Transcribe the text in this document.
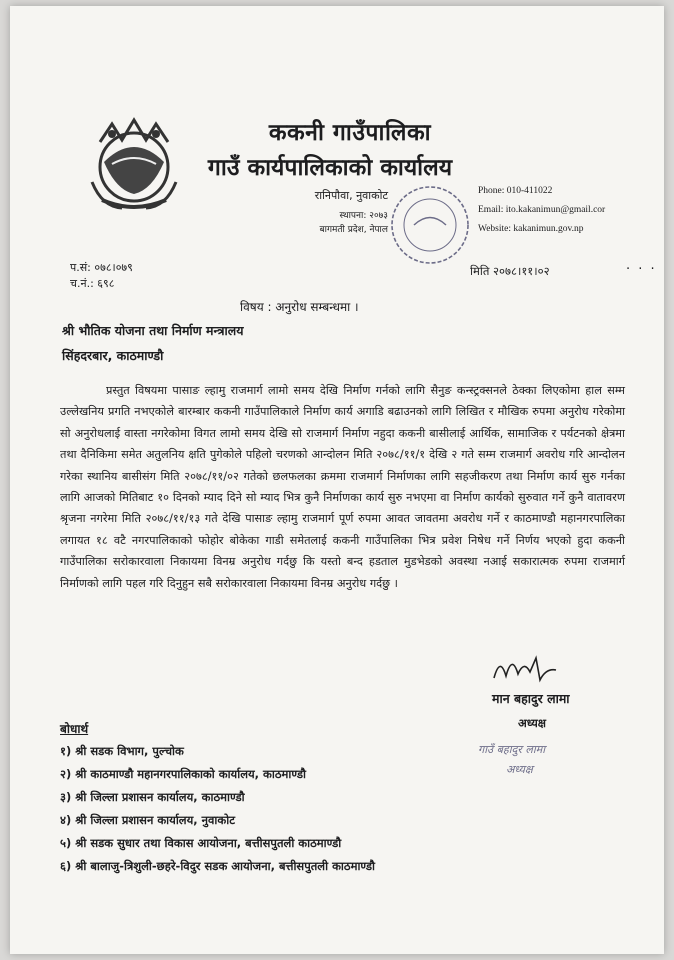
ककनी गाउँपालिका
गाउँ कार्यपालिकाको कार्यालय
रानिपौवा, नुवाकोट
स्थापना: २०७३
बागमती प्रदेश, नेपाल
Phone: 010-411022
Email: ito.kakanimun@gmail.cor
Website: kakanimun.gov.np
· · ·
प.सं: ०७८।०७९
च.नं.: ६९८
मिति २०७८।११।०२
विषय : अनुरोध सम्बन्धमा ।
श्री भौतिक योजना तथा निर्माण मन्त्रालय
सिंहदरबार, काठमाण्डौ
प्रस्तुत विषयमा पासाङ ल्हामु राजमार्ग लामो समय देखि निर्माण गर्नको लागि सैनुङ कन्स्ट्रक्सनले ठेक्का लिएकोमा हाल सम्म उल्लेखनिय प्रगति नभएकोले बारम्बार ककनी गाउँपालिकाले निर्माण कार्य अगाडि बढाउनको लागि लिखित र मौखिक रुपमा अनुरोध गरेकोमा सो अनुरोधलाई वास्ता नगरेकोमा विगत लामो समय देखि सो राजमार्ग निर्माण नहुदा ककनी बासीलाई आर्थिक, सामाजिक र पर्यटनको क्षेत्रमा तथा दैनिकिमा समेत अतुलनिय क्षति पुगेकोले पहिलो चरणको आन्दोलन मिति २०७८/११/१ देखि २ गते सम्म राजमार्ग अवरोध गरि आन्दोलन गरेका स्थानिय बासीसंग मिति २०७८/११/०२ गतेको छलफलका क्रममा राजमार्ग निर्माणका लागि सहजीकरण तथा निर्माण कार्य सुरु गर्नका लागि आजको मितिबाट १० दिनको म्याद दिने सो म्याद भित्र कुनै निर्माणका कार्य सुरु नभएमा वा निर्माण कार्यको सुरुवात गर्ने कुनै वातावरण श्रृजना नगरेमा मिति २०७८/११/१३ गते देखि पासाङ ल्हामु राजमार्ग पूर्ण रुपमा आवत जावतमा अवरोध गर्ने र काठमाण्डौ महानगरपालिका लगायत १८ वटै नगरपालिकाको फोहोर बोकेका गाडी समेतलाई ककनी गाउँपालिका भित्र प्रवेश निषेध गर्ने निर्णय भएको हुदा ककनी गाउँपालिका सरोकारवाला निकायमा विनम्र अनुरोध गर्दछु कि यस्तो बन्द हडताल मुडभेडको अवस्था नआई सकारात्मक रुपमा राजमार्ग निर्माणको लागि पहल गरि दिनुहुन सबै सरोकारवाला निकायमा विनम्र अनुरोध गर्दछु ।
मान बहादुर लामा
अध्यक्ष
बोधार्थ
१) श्री सडक विभाग, पुल्चोक
२) श्री काठमाण्डौ महानगरपालिकाको कार्यालय, काठमाण्डौ
३) श्री जिल्ला प्रशासन कार्यालय, काठमाण्डौ
४) श्री जिल्ला प्रशासन कार्यालय, नुवाकोट
५) श्री सडक सुधार तथा विकास आयोजना, बत्तीसपुतली काठमाण्डौ
६) श्री बालाजु-त्रिशुली-छहरे-विदुर सडक आयोजना, बत्तीसपुतली काठमाण्डौ
गाउँ बहादुर लामा
अध्यक्ष
